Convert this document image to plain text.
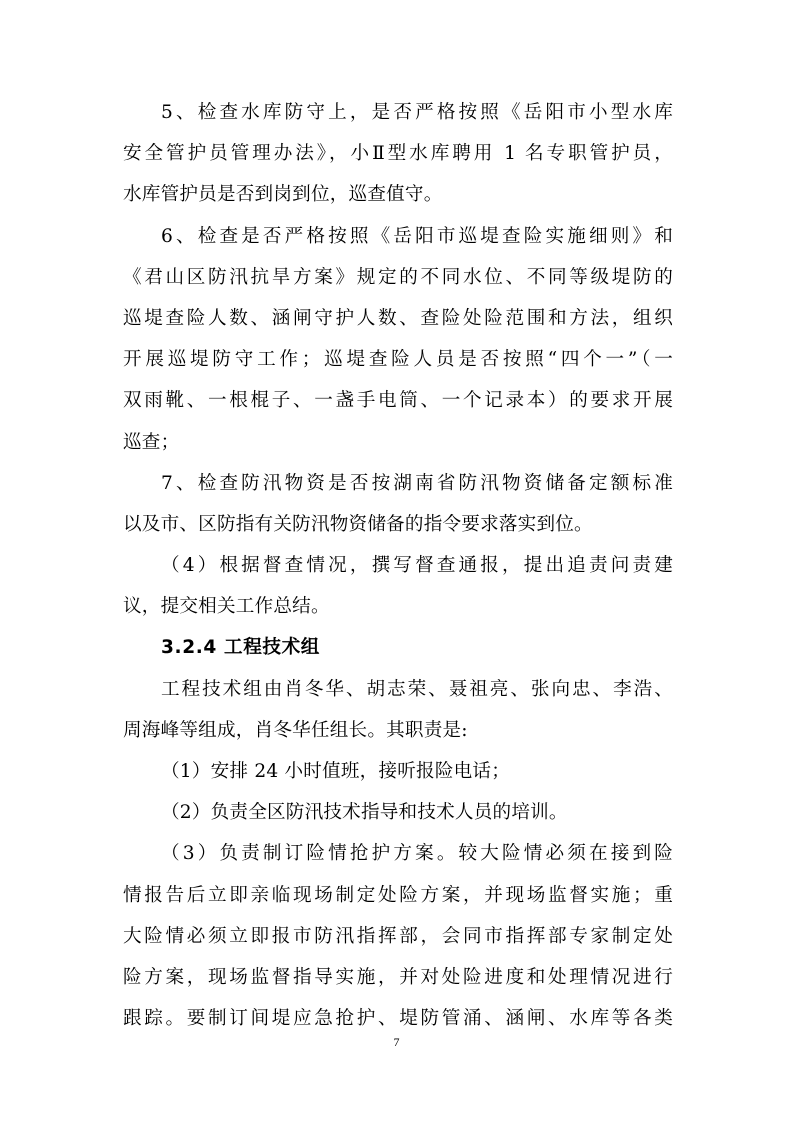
5、检查水库防守上，是否严格按照《岳阳市小型水库
安全管护员管理办法》，小Ⅱ型水库聘用 1 名专职管护员，
水库管护员是否到岗到位，巡查值守。
6、检查是否严格按照《岳阳市巡堤查险实施细则》和
《君山区防汛抗旱方案》规定的不同水位、不同等级堤防的
巡堤查险人数、涵闸守护人数、查险处险范围和方法，组织
开展巡堤防守工作；巡堤查险人员是否按照“四个一”（一
双雨靴、一根棍子、一盏手电筒、一个记录本）的要求开展
巡查；
7、检查防汛物资是否按湖南省防汛物资储备定额标准
以及市、区防指有关防汛物资储备的指令要求落实到位。
（4）根据督查情况，撰写督查通报，提出追责问责建
议，提交相关工作总结。
3.2.4 工程技术组
工程技术组由肖冬华、胡志荣、聂祖亮、张向忠、李浩、
周海峰等组成，肖冬华任组长。其职责是:
（1）安排 24 小时值班，接听报险电话；
（2）负责全区防汛技术指导和技术人员的培训。
（3）负责制订险情抢护方案。较大险情必须在接到险
情报告后立即亲临现场制定处险方案，并现场监督实施；重
大险情必须立即报市防汛指挥部，会同市指挥部专家制定处
险方案，现场监督指导实施，并对处险进度和处理情况进行
跟踪。要制订间堤应急抢护、堤防管涌、涵闸、水库等各类
7
